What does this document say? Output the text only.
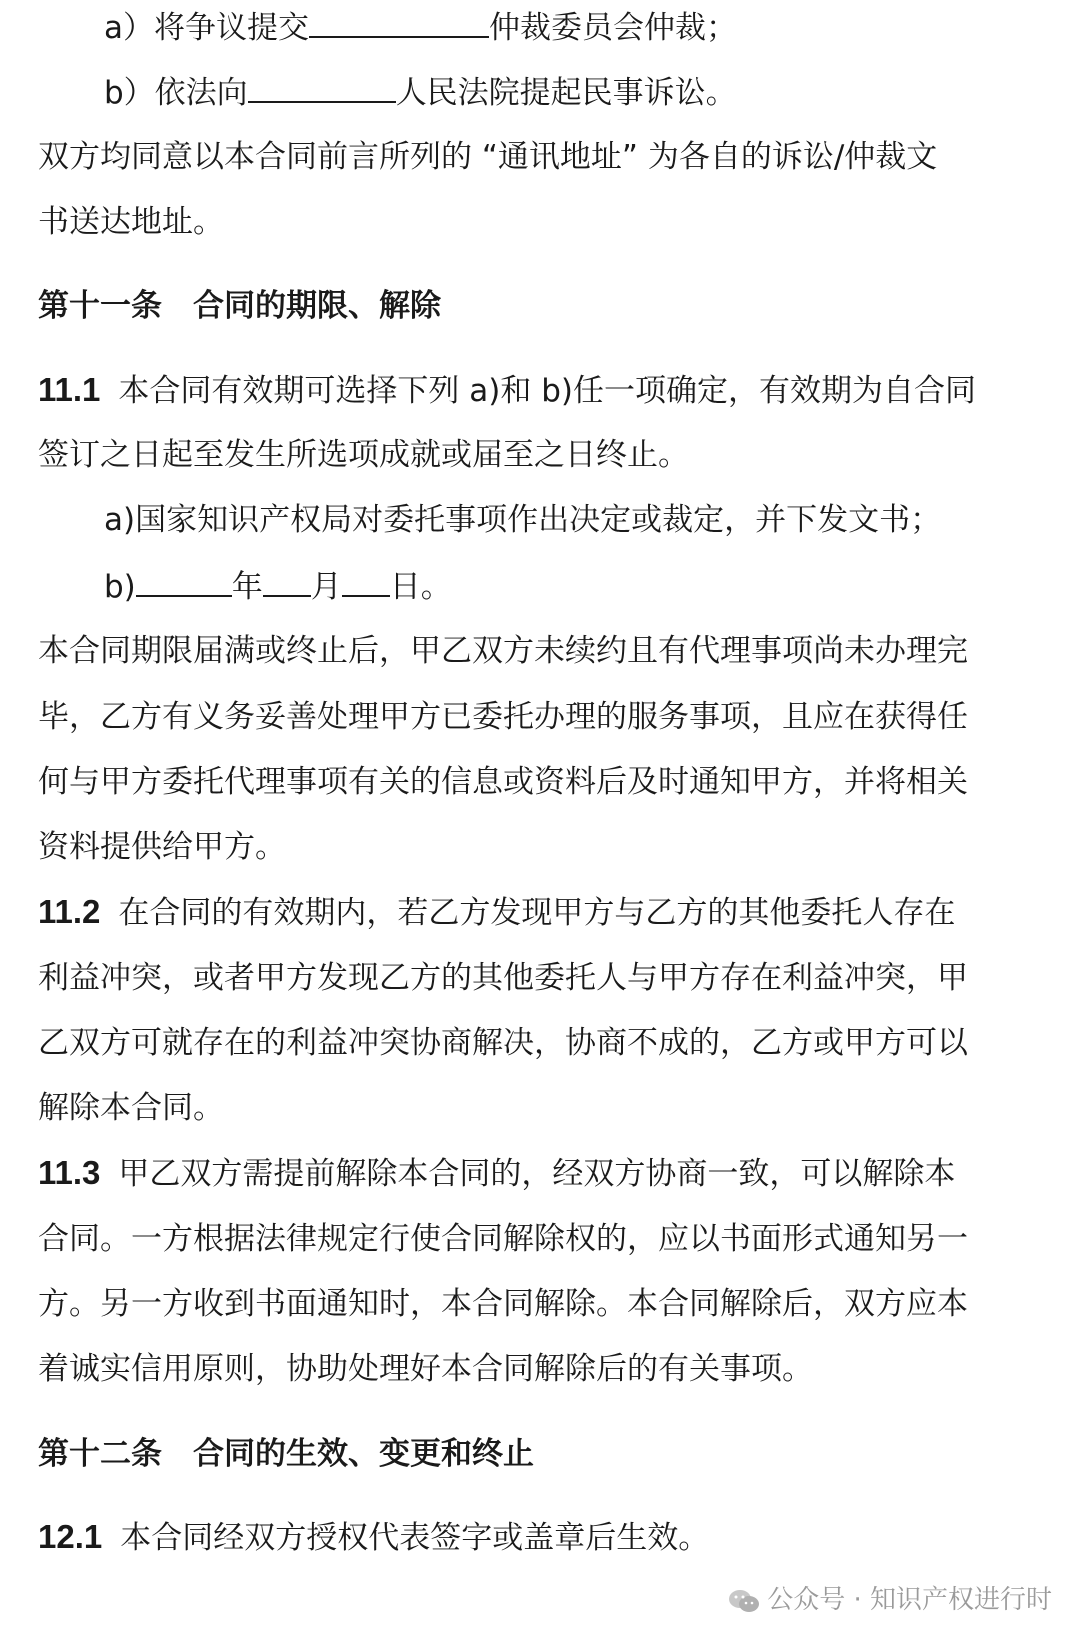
a）将争议提交	仲裁委员会仲裁；
b）依法向	人民法院提起民事诉讼。
双方均同意以本合同前言所列的 “通讯地址” 为各自的诉讼/仲裁文
书送达地址。
第十一条　合同的期限、解除
11.1 本合同有效期可选择下列 a)和 b)任一项确定，有效期为自合同
签订之日起至发生所选项成就或届至之日终止。
a)国家知识产权局对委托事项作出决定或裁定，并下发文书；
b)	年 月 日。
本合同期限届满或终止后，甲乙双方未续约且有代理事项尚未办理完
毕，乙方有义务妥善处理甲方已委托办理的服务事项，且应在获得任
何与甲方委托代理事项有关的信息或资料后及时通知甲方，并将相关
资料提供给甲方。
11.2 在合同的有效期内，若乙方发现甲方与乙方的其他委托人存在
利益冲突，或者甲方发现乙方的其他委托人与甲方存在利益冲突，甲
乙双方可就存在的利益冲突协商解决，协商不成的，乙方或甲方可以
解除本合同。
11.3 甲乙双方需提前解除本合同的，经双方协商一致，可以解除本
合同。一方根据法律规定行使合同解除权的，应以书面形式通知另一
方。另一方收到书面通知时，本合同解除。本合同解除后，双方应本
着诚实信用原则，协助处理好本合同解除后的有关事项。
第十二条　合同的生效、变更和终止
12.1 本合同经双方授权代表签字或盖章后生效。
公众号 · 知识产权进行时
